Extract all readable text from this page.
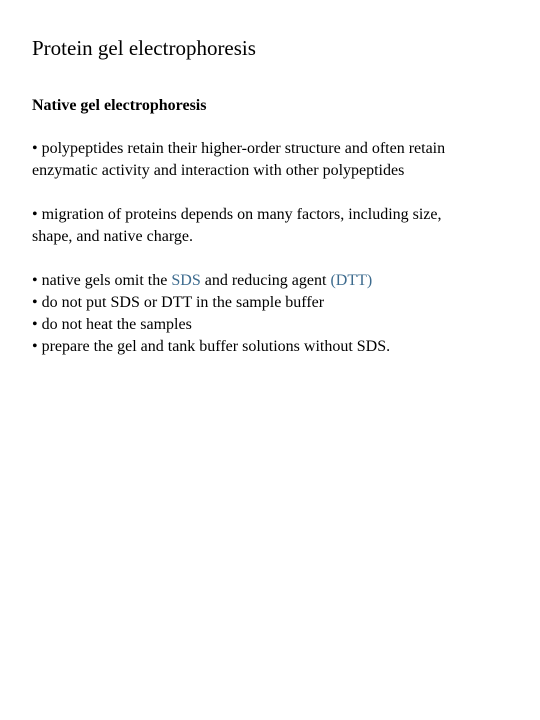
Protein gel electrophoresis
Native gel electrophoresis
• polypeptides retain their higher-order structure and often retain
enzymatic activity and interaction with other polypeptides
• migration of proteins depends on many factors, including size,
shape, and native charge.
• native gels omit the SDS and reducing agent (DTT)
• do not put SDS or DTT in the sample buffer
• do not heat the samples
• prepare the gel and tank buffer solutions without SDS.
